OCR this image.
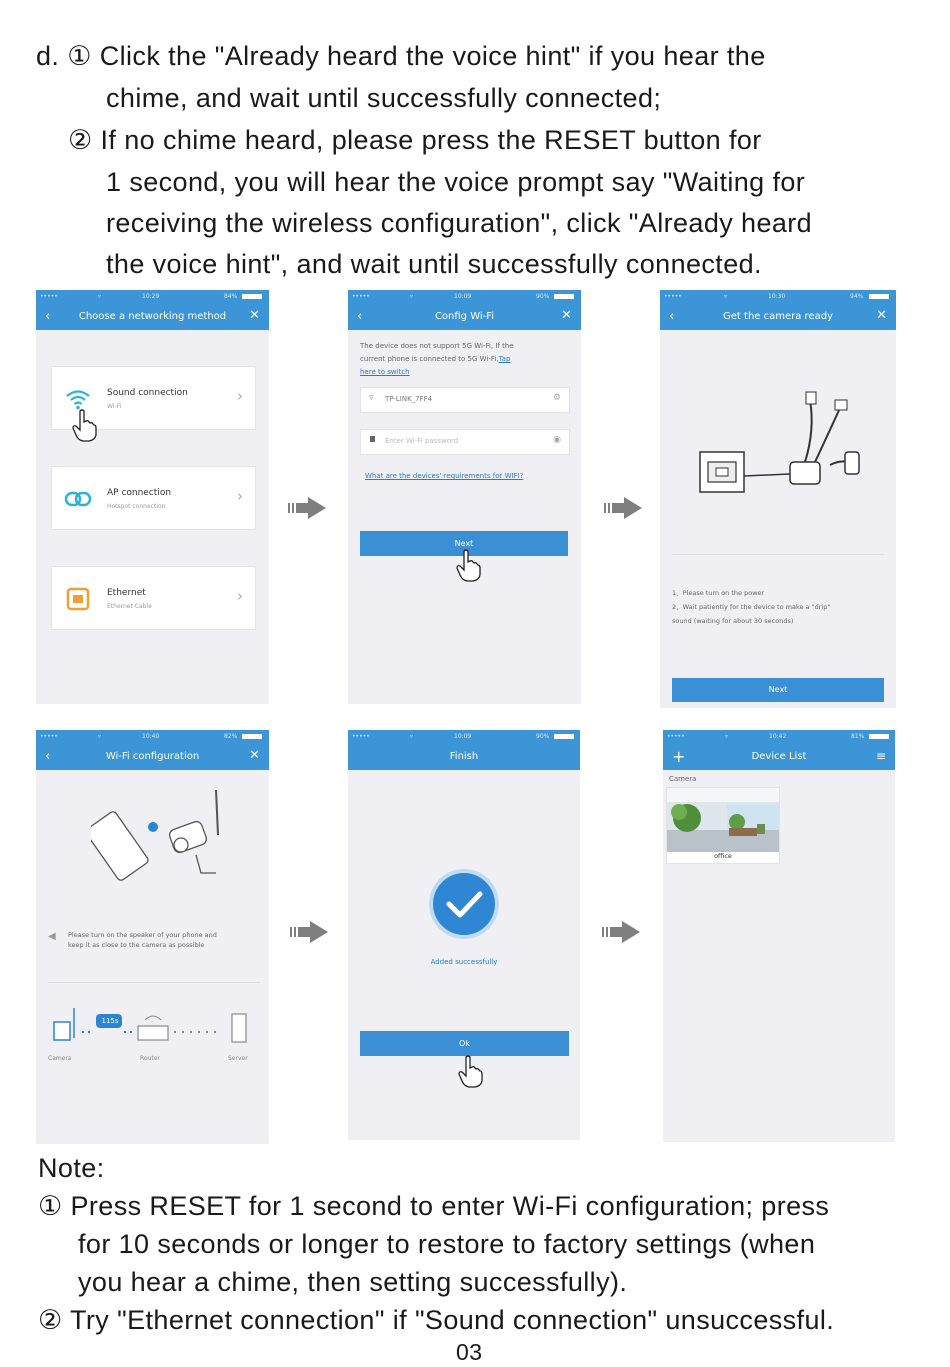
d. ① Click the "Already heard the voice hint" if you hear the
chime, and wait until successfully connected;
② If no chime heard, please press the RESET button for
1 second, you will hear the voice prompt say "Waiting for
receiving the wireless configuration", click "Already heard
the voice hint", and wait until successfully connected.
•••••	▿	10:29	84%
‹	Choose a networking method	✕
Sound connection
Wi-Fi
›
AP connection
Hotspot connection
›
Ethernet
Ethernet Cable
›
•••••	▿	10:09	90%
‹	Config Wi-Fi	✕
The device does not support 5G Wi-Fi, If the
current phone is connected to 5G Wi-Fi,Tap
here to switch
▿ TP-LINK_7FF4	⚙
Enter Wi-Fi password	◉
What are the devices' requirements for WIFI?
Next
•••••	▿	10:30	94%
‹	Get the camera ready	✕
1、Please turn on the power
2、Wait patiently for the device to make a "drip"
sound (waiting for about 30 seconds)
Next
•••••	▿	10:40	82%
‹	Wi-Fi configuration	✕
◀ Please turn on the speaker of your phone and
keep it as close to the camera as possible
115s
Camera	Router	Server
•••••	▿	10:09	90%
Finish
Added successfully
Ok
•••••	▿	10:42	81%
+	Device List	≡
Camera
office
Note:
① Press RESET for 1 second to enter Wi-Fi configuration; press
for 10 seconds or longer to restore to factory settings (when
you hear a chime, then setting successfully).
② Try "Ethernet connection" if "Sound connection" unsuccessful.
03
